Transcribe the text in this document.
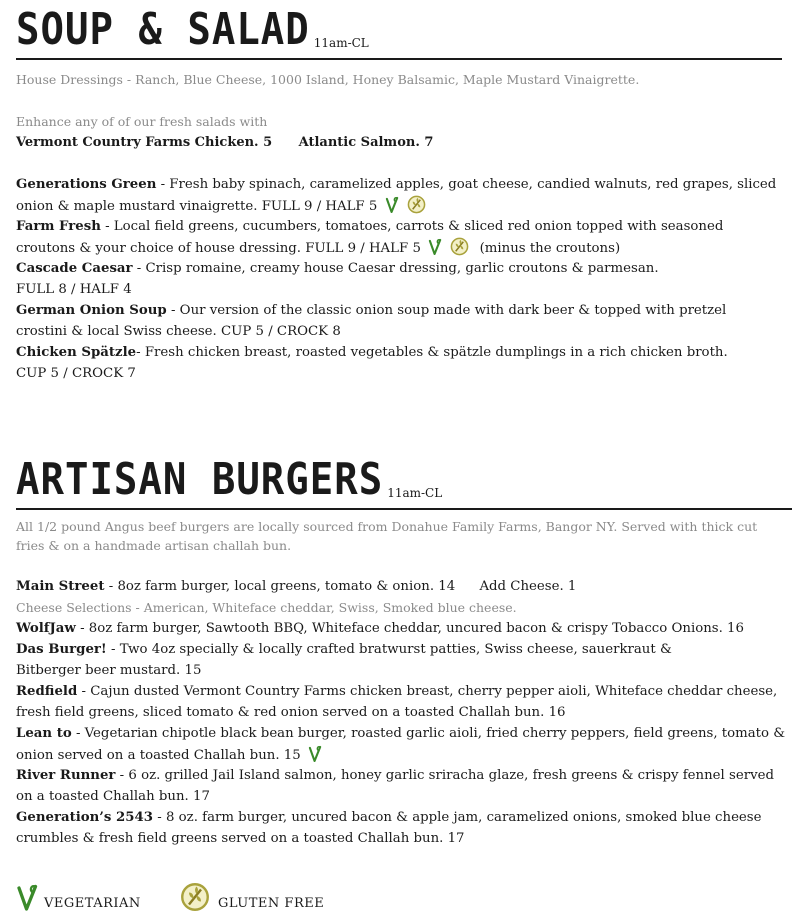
SOUP & SALAD 11am-CL
House Dressings - Ranch, Blue Cheese, 1000 Island, Honey Balsamic, Maple Mustard Vinaigrette.
Enhance any of of our fresh salads with
Vermont Country Farms Chicken. 5 Atlantic Salmon. 7
Generations Green - Fresh baby spinach, caramelized apples, goat cheese, candied walnuts, red grapes, sliced
onion & maple mustard vinaigrette. FULL 9 / HALF 5
Farm Fresh - Local field greens, cucumbers, tomatoes, carrots & sliced red onion topped with seasoned
croutons & your choice of house dressing. FULL 9 / HALF 5	(minus the croutons)
Cascade Caesar - Crisp romaine, creamy house Caesar dressing, garlic croutons & parmesan.
FULL 8 / HALF 4
German Onion Soup - Our version of the classic onion soup made with dark beer & topped with pretzel
crostini & local Swiss cheese. CUP 5 / CROCK 8
Chicken Spätzle- Fresh chicken breast, roasted vegetables & spätzle dumplings in a rich chicken broth.
CUP 5 / CROCK 7
ARTISAN BURGERS 11am-CL
All 1/2 pound Angus beef burgers are locally sourced from Donahue Family Farms, Bangor NY. Served with thick cut fries & on a handmade artisan challah bun.
Main Street - 8oz farm burger, local greens, tomato & onion. 14 Add Cheese. 1
Cheese Selections - American, Whiteface cheddar, Swiss, Smoked blue cheese.
WolfJaw - 8oz farm burger, Sawtooth BBQ, Whiteface cheddar, uncured bacon & crispy Tobacco Onions. 16
Das Burger! - Two 4oz specially & locally crafted bratwurst patties, Swiss cheese, sauerkraut &
Bitberger beer mustard. 15
Redfield - Cajun dusted Vermont Country Farms chicken breast, cherry pepper aioli, Whiteface cheddar cheese,
fresh field greens, sliced tomato & red onion served on a toasted Challah bun. 16
Lean to - Vegetarian chipotle black bean burger, roasted garlic aioli, fried cherry peppers, field greens, tomato &
onion served on a toasted Challah bun. 15
River Runner - 6 oz. grilled Jail Island salmon, honey garlic sriracha glaze, fresh greens & crispy fennel served
on a toasted Challah bun. 17
Generation’s 2543 - 8 oz. farm burger, uncured bacon & apple jam, caramelized onions, smoked blue cheese
crumbles & fresh field greens served on a toasted Challah bun. 17
VEGETARIAN	GLUTEN FREE
